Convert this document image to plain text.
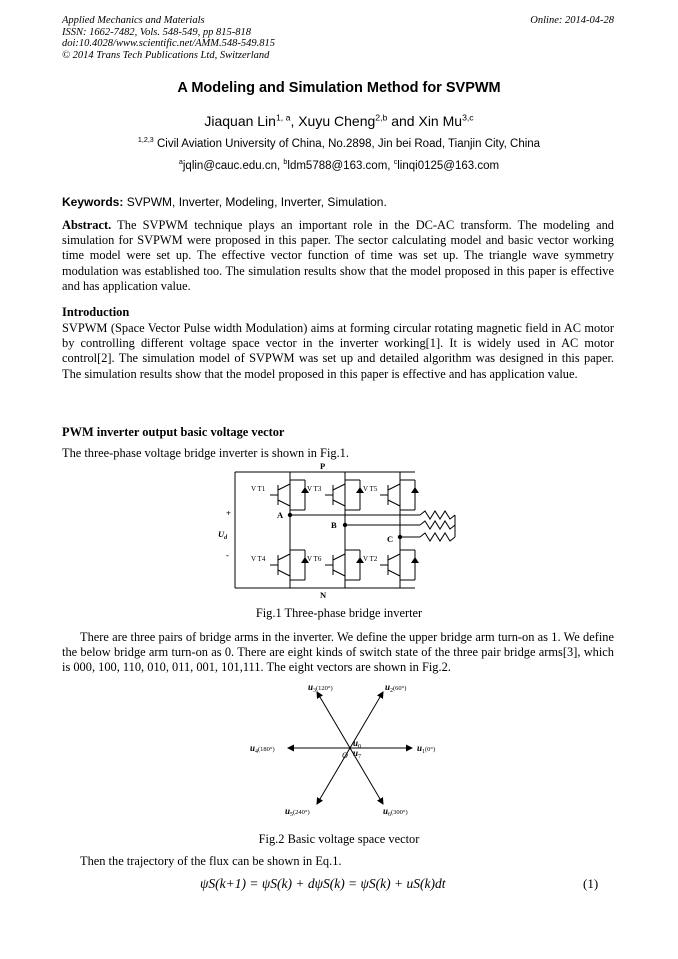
Applied Mechanics and Materials
ISSN: 1662-7482, Vols. 548-549, pp 815-818
doi:10.4028/www.scientific.net/AMM.548-549.815
© 2014 Trans Tech Publications Ltd, Switzerland
Online: 2014-04-28
A Modeling and Simulation Method for SVPWM
Jiaquan Lin$^{1, a}$, Xuyu Cheng$^{2,b}$ and Xin Mu$^{3,c}$
$^{1,2,3}$ Civil Aviation University of China, No.2898, Jin bei Road, Tianjin City, China
$^a$jqlin@cauc.edu.cn, $^b$ldm5788@163.com, $^c$linqi0125@163.com
Keywords: SVPWM, Inverter, Modeling, Inverter, Simulation.
Abstract. The SVPWM technique plays an important role in the DC-AC transform. The modeling and simulation for SVPWM were proposed in this paper. The sector calculating model and basic vector working time model were set up. The effective vector function of time was set up. The triangle wave symmetry modulation was established too. The simulation results show that the model proposed in this paper is effective and has application value.
Introduction
SVPWM (Space Vector Pulse width Modulation) aims at forming circular rotating magnetic field in AC motor by controlling different voltage space vector in the inverter working[1]. It is widely used in AC motor control[2]. The simulation model of SVPWM was set up and detailed algorithm was designed in this paper. The simulation results show that the model proposed in this paper is effective and has application value.
PWM inverter output basic voltage vector
The three-phase voltage bridge inverter is shown in Fig.1.
P
N
A
B
C
+
-
$U_d$
V T1	V T3	V T5
V T4	V T6	V T2
Fig.1 Three-phase bridge inverter
There are three pairs of bridge arms in the inverter. We define the upper bridge arm turn-on as 1. We define the below bridge arm turn-on as 0. There are eight kinds of switch state of the three pair bridge arms[3], which is 000, 100, 110, 010, 011, 001, 101,111. The eight vectors are shown in Fig.2.
$u_3^{(120^\circ)}$	$u_2^{(60^\circ)}$
$u_4^{(180^\circ)}$	$u_1^{(0^\circ)}$
$u_5^{(240^\circ)}$	$u_6^{(300^\circ)}$
$u_0$
$u_7$
O
Fig.2 Basic voltage space vector
Then the trajectory of the flux can be shown in Eq.1.
ψS(k+1) = ψS(k) + dψS(k) = ψS(k) + uS(k)dt	(1)
